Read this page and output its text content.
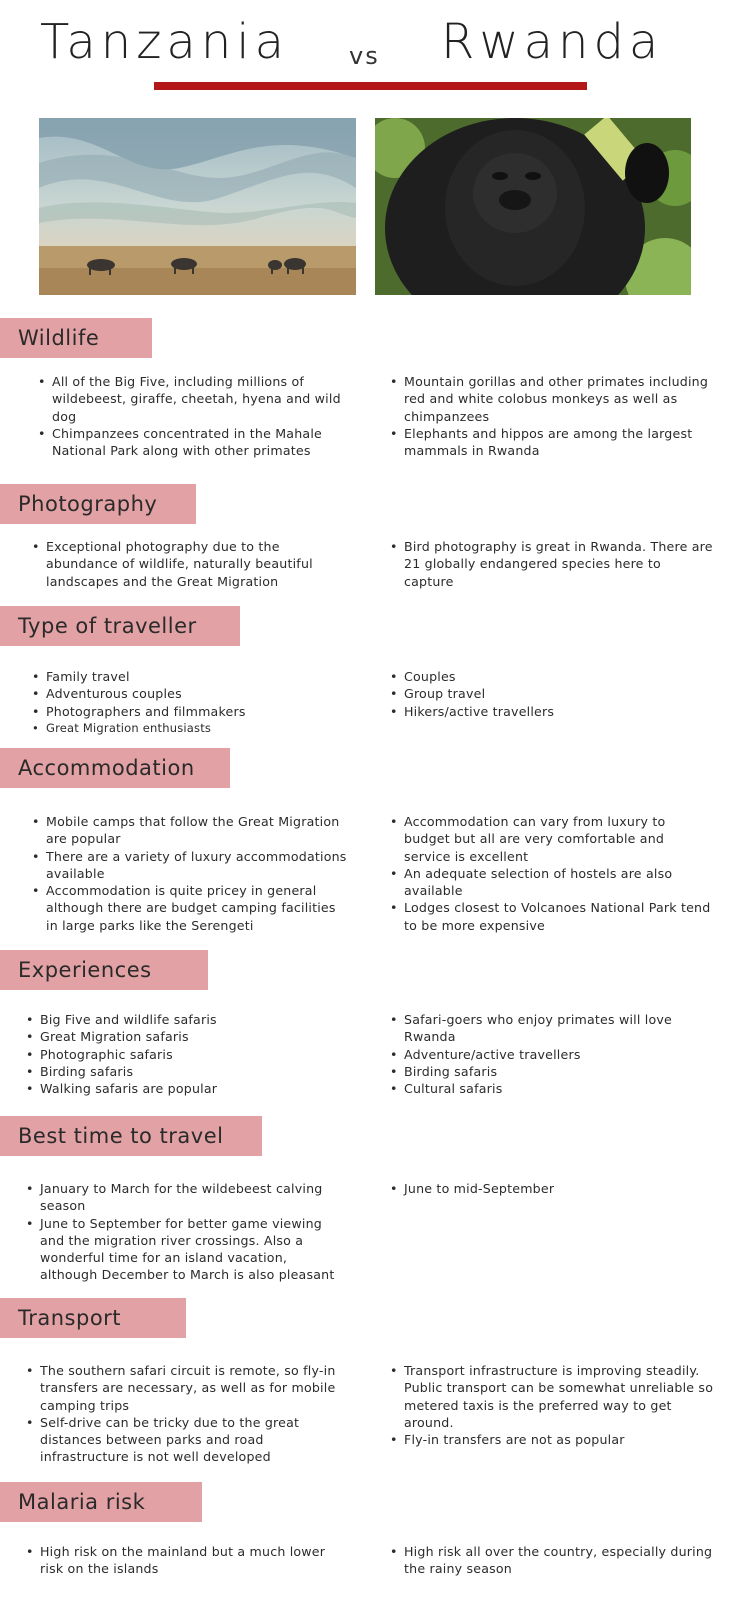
Tanzania	vs Rwanda
Wildlife
• All of the Big Five, including millions of wildebeest, giraffe, cheetah, hyena and wild dog
• Chimpanzees concentrated in the Mahale National Park along with other primates
• Mountain gorillas and other primates including red and white colobus monkeys as well as chimpanzees
• Elephants and hippos are among the largest mammals in Rwanda
Photography
• Exceptional photography due to the abundance of wildlife, naturally beautiful landscapes and the Great Migration
• Bird photography is great in Rwanda. There are 21 globally endangered species here to capture
Type of traveller
• Family travel
• Adventurous couples
• Photographers and filmmakers
• Great Migration enthusiasts
• Couples
• Group travel
• Hikers/active travellers
Accommodation
• Mobile camps that follow the Great Migration are popular
• There are a variety of luxury accommodations available
• Accommodation is quite pricey in general although there are budget camping facilities in large parks like the Serengeti
• Accommodation can vary from luxury to budget but all are very comfortable and service is excellent
• An adequate selection of hostels are also available
• Lodges closest to Volcanoes National Park tend to be more expensive
Experiences
• Big Five and wildlife safaris
• Great Migration safaris
• Photographic safaris
• Birding safaris
• Walking safaris are popular
• Safari-goers who enjoy primates will love Rwanda
• Adventure/active travellers
• Birding safaris
• Cultural safaris
Best time to travel
• January to March for the wildebeest calving season
• June to September for better game viewing and the migration river crossings. Also a wonderful time for an island vacation, although December to March is also pleasant
• June to mid-September
Transport
• The southern safari circuit is remote, so fly-in transfers are necessary, as well as for mobile camping trips
• Self-drive can be tricky due to the great distances between parks and road infrastructure is not well developed
• Transport infrastructure is improving steadily. Public transport can be somewhat unreliable so metered taxis is the preferred way to get around.
• Fly-in transfers are not as popular
Malaria risk
• High risk on the mainland but a much lower risk on the islands
• High risk all over the country, especially during the rainy season
